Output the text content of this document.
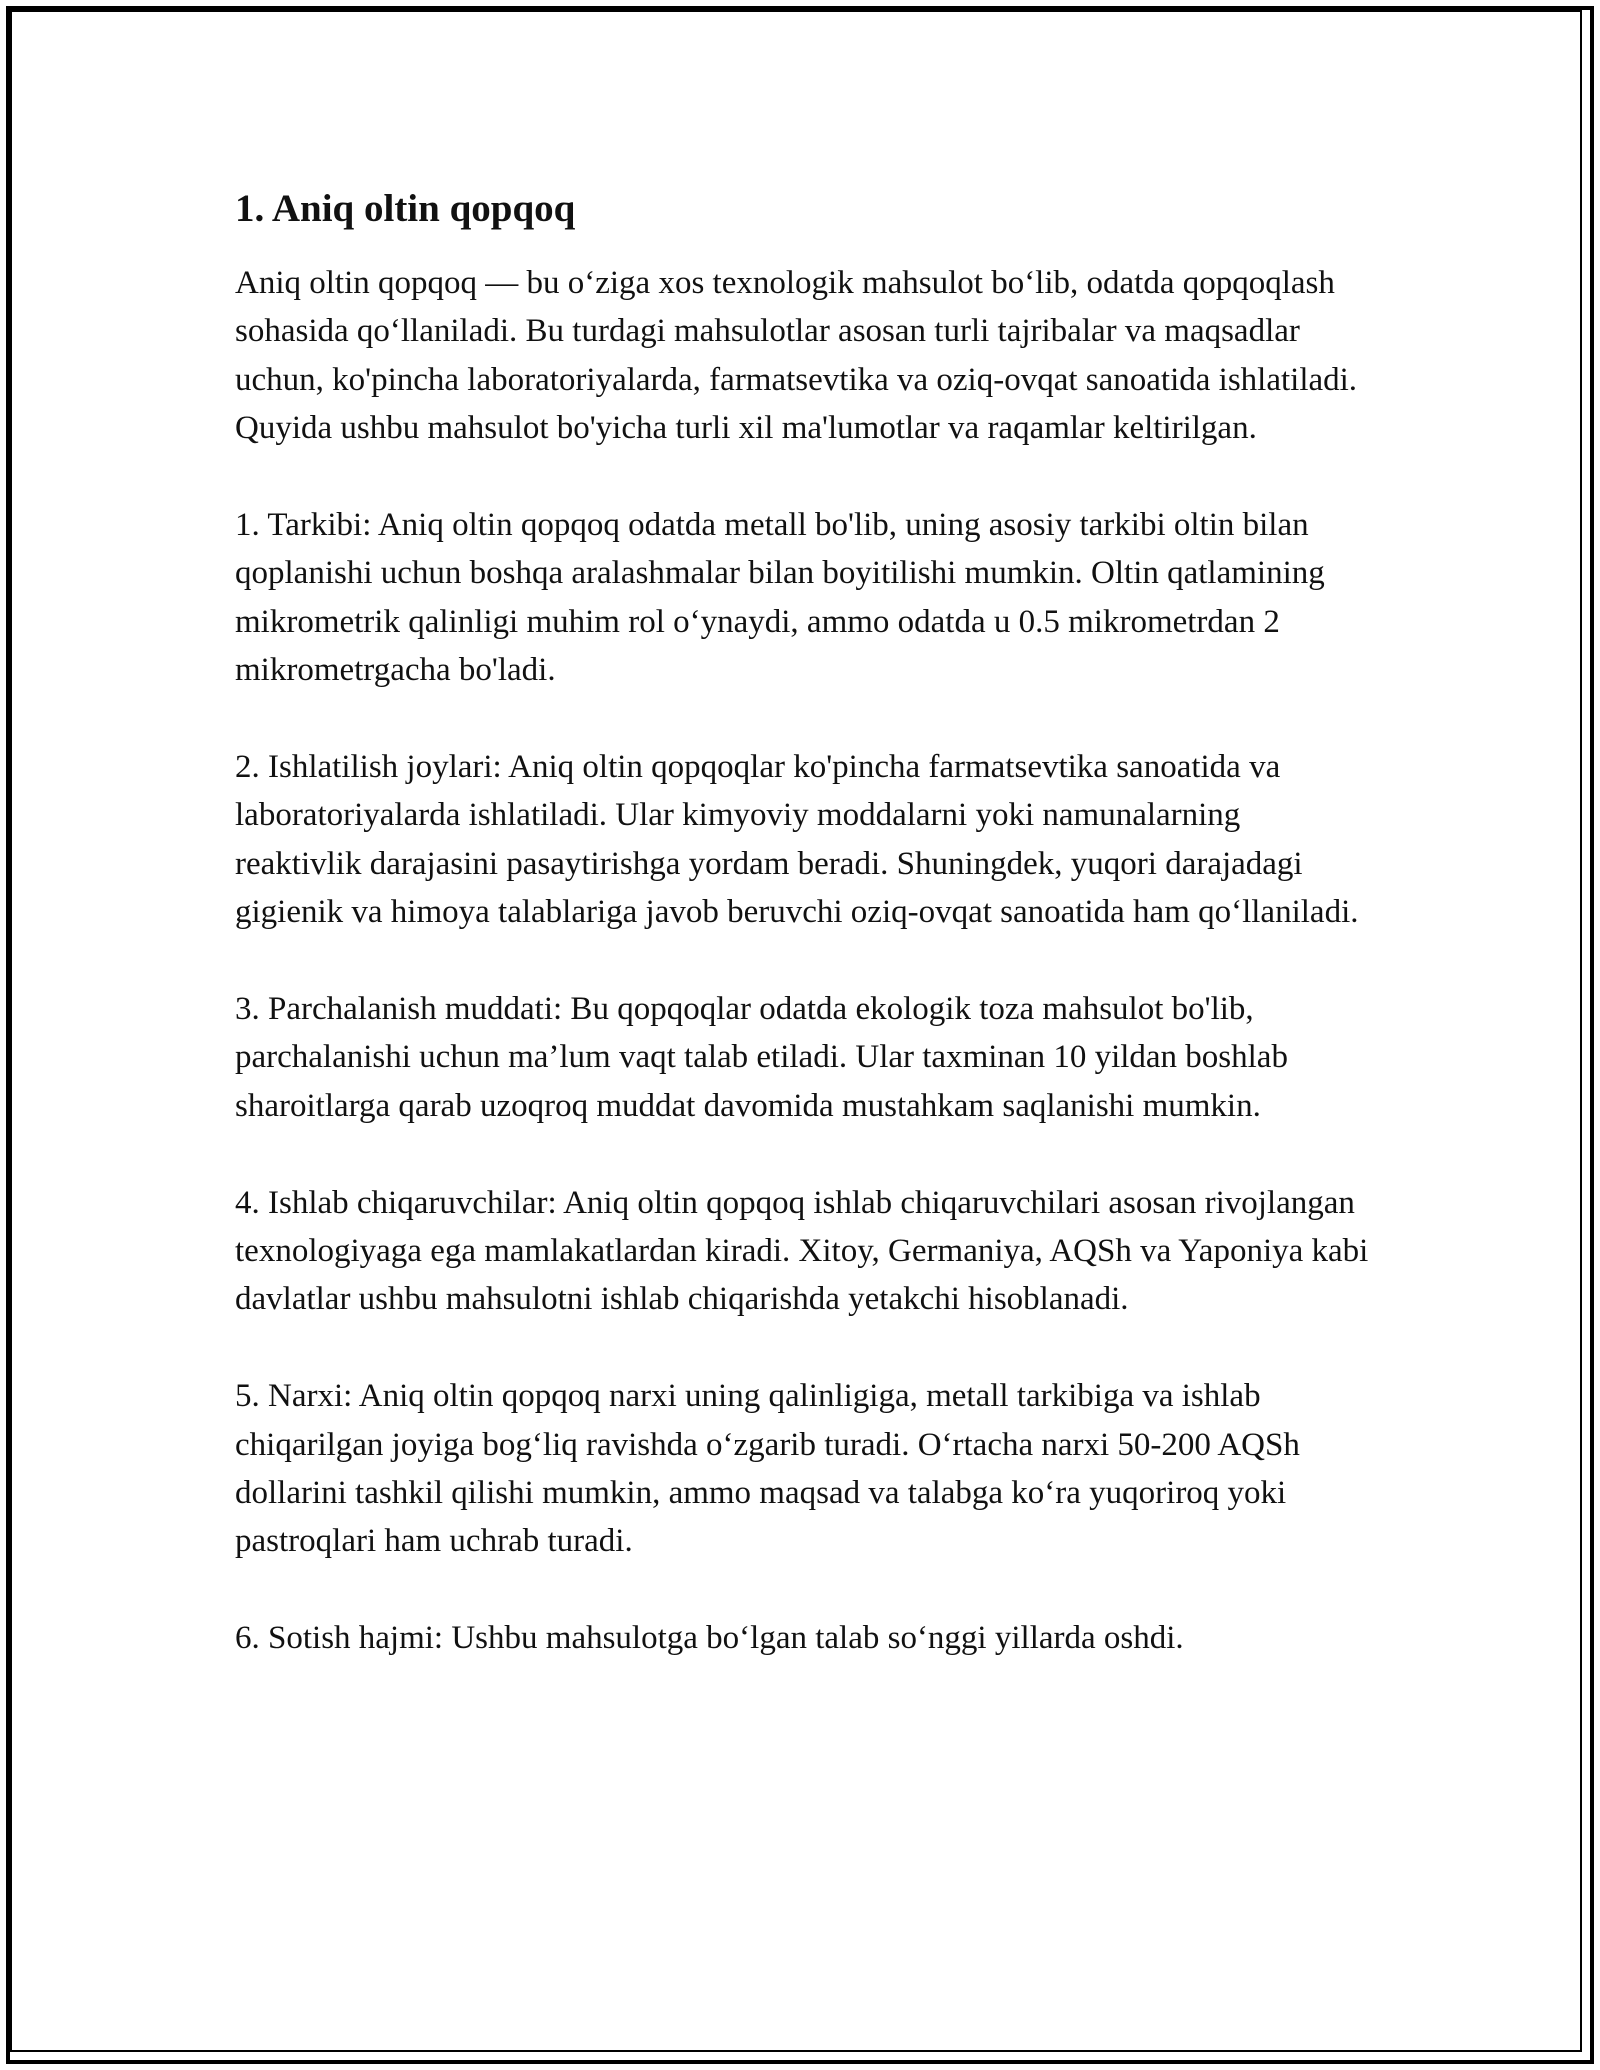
1. Aniq oltin qopqoq

Aniq oltin qopqoq — bu o‘ziga xos texnologik mahsulot bo‘lib, odatda qopqoqlash sohasida qo‘llaniladi. Bu turdagi mahsulotlar asosan turli tajribalar va maqsadlar uchun, ko'pincha laboratoriyalarda, farmatsevtika va oziq-ovqat sanoatida ishlatiladi. Quyida ushbu mahsulot bo'yicha turli xil ma'lumotlar va raqamlar keltirilgan.

1. Tarkibi: Aniq oltin qopqoq odatda metall bo'lib, uning asosiy tarkibi oltin bilan qoplanishi uchun boshqa aralashmalar bilan boyitilishi mumkin. Oltin qatlamining mikrometrik qalinligi muhim rol o‘ynaydi, ammo odatda u 0.5 mikrometrdan 2 mikrometrgacha bo'ladi.

2. Ishlatilish joylari: Aniq oltin qopqoqlar ko'pincha farmatsevtika sanoatida va laboratoriyalarda ishlatiladi. Ular kimyoviy moddalarni yoki namunalarning reaktivlik darajasini pasaytirishga yordam beradi. Shuningdek, yuqori darajadagi gigienik va himoya talablariga javob beruvchi oziq-ovqat sanoatida ham qo‘llaniladi.

3. Parchalanish muddati: Bu qopqoqlar odatda ekologik toza mahsulot bo'lib, parchalanishi uchun ma’lum vaqt talab etiladi. Ular taxminan 10 yildan boshlab sharoitlarga qarab uzoqroq muddat davomida mustahkam saqlanishi mumkin.

4. Ishlab chiqaruvchilar: Aniq oltin qopqoq ishlab chiqaruvchilari asosan rivojlangan texnologiyaga ega mamlakatlardan kiradi. Xitoy, Germaniya, AQSh va Yaponiya kabi davlatlar ushbu mahsulotni ishlab chiqarishda yetakchi hisoblanadi.

5. Narxi: Aniq oltin qopqoq narxi uning qalinligiga, metall tarkibiga va ishlab chiqarilgan joyiga bog‘liq ravishda o‘zgarib turadi. O‘rtacha narxi 50-200 AQSh dollarini tashkil qilishi mumkin, ammo maqsad va talabga ko‘ra yuqoriroq yoki pastroqlari ham uchrab turadi.

6. Sotish hajmi: Ushbu mahsulotga bo‘lgan talab so‘nggi yillarda oshdi.
